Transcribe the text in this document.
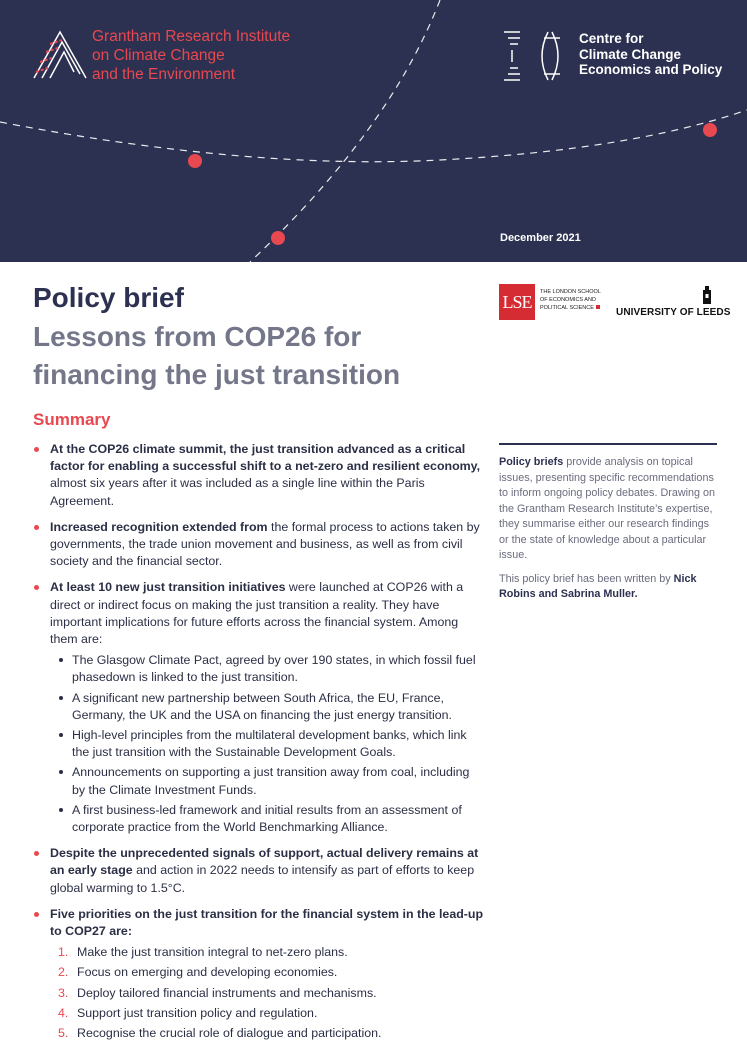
Grantham Research Institute
on Climate Change
and the Environment
Centre for
Climate Change
Economics and Policy
December 2021
Policy brief
Lessons from COP26 for financing the just transition
LSE	THE LONDON SCHOOL
OF ECONOMICS AND
POLITICAL SCIENCE	UNIVERSITY OF LEEDS
Summary
At the COP26 climate summit, the just transition advanced as a critical factor for enabling a successful shift to a net-zero and resilient economy, almost six years after it was included as a single line within the Paris Agreement.
Increased recognition extended from the formal process to actions taken by governments, the trade union movement and business, as well as from civil society and the financial sector.
At least 10 new just transition initiatives were launched at COP26 with a direct or indirect focus on making the just transition a reality. They have important implications for future efforts across the financial system. Among them are:
The Glasgow Climate Pact, agreed by over 190 states, in which fossil fuel phasedown is linked to the just transition.
A significant new partnership between South Africa, the EU, France, Germany, the UK and the USA on financing the just energy transition.
High-level principles from the multilateral development banks, which link the just transition with the Sustainable Development Goals.
Announcements on supporting a just transition away from coal, including by the Climate Investment Funds.
A first business-led framework and initial results from an assessment of corporate practice from the World Benchmarking Alliance.
Despite the unprecedented signals of support, actual delivery remains at an early stage and action in 2022 needs to intensify as part of efforts to keep global warming to 1.5°C.
Five priorities on the just transition for the financial system in the lead-up to COP27 are:
1. Make the just transition integral to net-zero plans.
2. Focus on emerging and developing economies.
3. Deploy tailored financial instruments and mechanisms.
4. Support just transition policy and regulation.
5. Recognise the crucial role of dialogue and participation.

Policy briefs provide analysis on topical issues, presenting specific recommendations to inform ongoing policy debates. Drawing on the Grantham Research Institute’s expertise, they summarise either our research findings or the state of knowledge about a particular issue.

This policy brief has been written by Nick Robins and Sabrina Muller.
